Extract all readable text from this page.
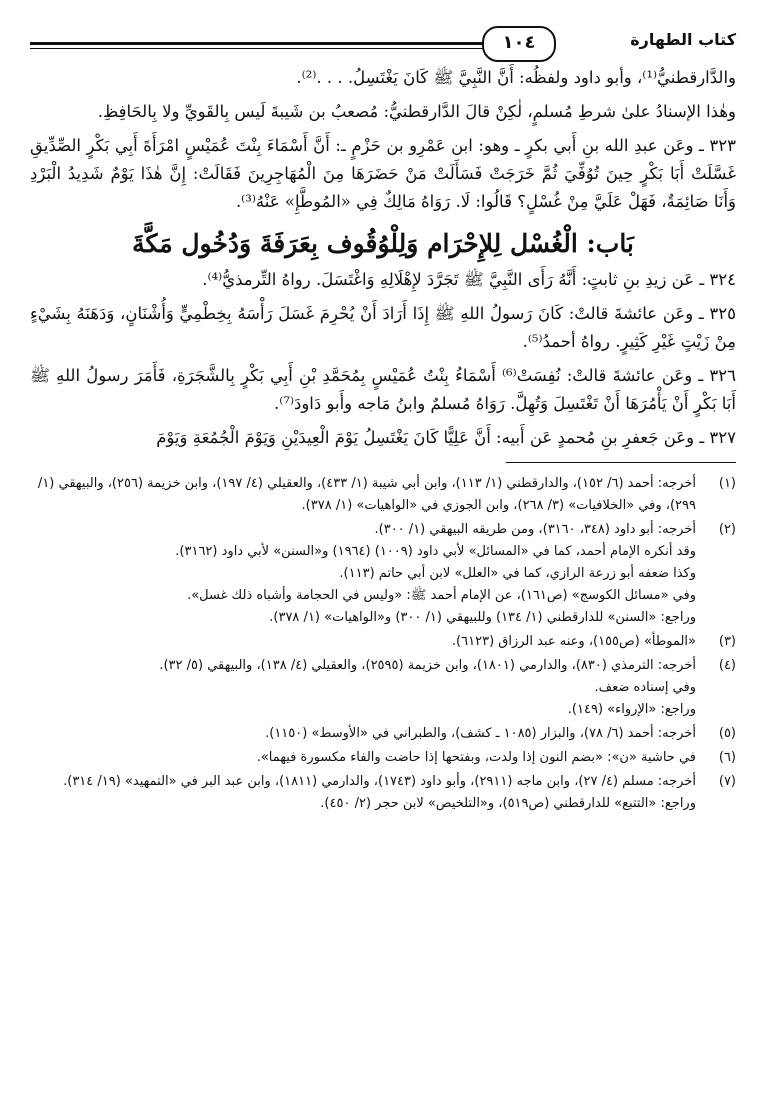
كتاب الطهارة
١٠٤

والدَّارقطنيُّ⁽¹⁾، وأبو داود ولفظُه: أَنَّ النَّبِيَّ ﷺ كَانَ يَغْتَسِلُ. . . .⁽²⁾.

وهٰذا الإسنادُ علىٰ شرطِ مُسلمٍ، لٰكِنْ قالَ الدَّارقطنيُّ: مُصعبُ بن شَيبةَ لَيس بِالقَويِّ ولا بِالحَافِظِ.

٣٢٣ ـ وعَن عبدِ الله بنِ أَبي بكرٍ ـ وهو: ابن عَمْرِو بن حَزْمٍ ـ: أَنَّ أَسْمَاءَ بِنْتَ عُمَيْسٍ امْرَأَةَ أَبِي بَكْرٍ الصِّدِّيقِ غَسَّلَتْ أَبَا بَكْرٍ حِينَ تُوُفِّيَ ثُمَّ خَرَجَتْ فَسَأَلَتْ مَنْ حَضَرَهَا مِنَ الْمُهَاجِرِينَ فَقَالَتْ: إِنَّ هٰذَا يَوْمٌ شَدِيدُ الْبَرْدِ وَأَنَا صَائِمَةٌ، فَهَلْ عَلَيَّ مِنْ غُسْلٍ؟ قَالُوا: لَا. رَوَاهُ مَالِكٌ فِي «المُوطَّإِ» عَنْهُ⁽³⁾.

بَاب: الْغُسْل لِلإِحْرَام وَلِلْوُقُوف بِعَرَفَةَ وَدُخُول مَكَّةَ

٣٢٤ ـ عَن زيدِ بنِ ثابتٍ: أَنَّهُ رَأَى النَّبِيَّ ﷺ تَجَرَّدَ لإِهْلَالِهِ وَاغْتَسَلَ. رواهُ التِّرمذيُّ⁽⁴⁾.

٣٢٥ ـ وعَن عائشةَ قالتْ: كَانَ رَسولُ اللهِ ﷺ إِذَا أَرَادَ أَنْ يُحْرِمَ غَسَلَ رَأْسَهُ بِخِطْمِيٍّ وَأُشْنَانٍ، وَدَهَنَهُ بِشَيْءٍ مِنْ زَيْتٍ غَيْرِ كَثِيرٍ. رواهُ أحمدُ⁽⁵⁾.

٣٢٦ ـ وعَن عائشةَ قالتْ: نُفِسَتْ⁽⁶⁾ أَسْمَاءُ بِنْتُ عُمَيْسٍ بِمُحَمَّدِ بْنِ أَبِي بَكْرٍ بِالشَّجَرَةِ، فَأَمَرَ رسولُ اللهِ ﷺ أَبَا بَكْرٍ أَنْ يَأْمُرَهَا أَنْ تَغْتَسِلَ وَتُهِلَّ. رَوَاهُ مُسلمٌ وابنُ مَاجه وأَبو دَاودَ⁽⁷⁾.

٣٢٧ ـ وعَن جَعفرِ بنِ مُحمدٍ عَن أَبيه: أَنَّ عَلِيًّا كَانَ يَغْتَسِلُ يَوْمَ الْعِيدَيْنِ وَيَوْمَ الْجُمُعَةِ وَيَوْمَ

(١)
أخرجه: أحمد (٦/ ١٥٢)، والدارقطني (١/ ١١٣)، وابن أبي شيبة (١/ ٤٣٣)، والعقيلي (٤/ ١٩٧)، وابن خزيمة (٢٥٦)، والبيهقي (١/ ٢٩٩)، وفي «الخلافيات» (٣/ ٢٦٨)، وابن الجوزي في «الواهيات» (١/ ٣٧٨).
(٢)
أخرجه: أبو داود (٣٤٨، ٣١٦٠)، ومن طريقه البيهقي (١/ ٣٠٠).
وقد أنكره الإمام أحمد، كما في «المسائل» لأبي داود (١٠٠٩) (١٩٦٤) و«السنن» لأبي داود (٣١٦٢).
وكذا ضعفه أبو زرعة الرازي، كما في «العلل» لابن أبي حاتم (١١٣).
وفي «مسائل الكوسج» (ص١٦١)، عن الإمام أحمد ﷺ: «وليس في الحجامة وأشباه ذلك غسل».
وراجع: «السنن» للدارقطني (١/ ١٣٤) وللبيهقي (١/ ٣٠٠) و«الواهيات» (١/ ٣٧٨).
(٣)
«الموطأ» (ص١٥٥)، وعنه عبد الرزاق (٦١٢٣).
(٤)
أخرجه: الترمذي (٨٣٠)، والدارمي (١٨٠١)، وابن خزيمة (٢٥٩٥)، والعقيلي (٤/ ١٣٨)، والبيهقي (٥/ ٣٢).
وفي إسناده ضعف.
وراجع: «الإرواء» (١٤٩).
(٥)
أخرجه: أحمد (٦/ ٧٨)، والبزار (١٠٨٥ ـ كشف)، والطبراني في «الأوسط» (١١٥٠).
(٦)
في حاشية «ن»: «بضم النون إذا ولدت، وبفتحها إذا حاضت والفاء مكسورة فيهما».
(٧)
أخرجه: مسلم (٤/ ٢٧)، وابن ماجه (٢٩١١)، وأبو داود (١٧٤٣)، والدارمي (١٨١١)، وابن عبد البر في «التمهيد» (١٩/ ٣١٤).
وراجع: «التتبع» للدارقطني (ص٥١٩)، و«التلخيص» لابن حجر (٢/ ٤٥٠).
